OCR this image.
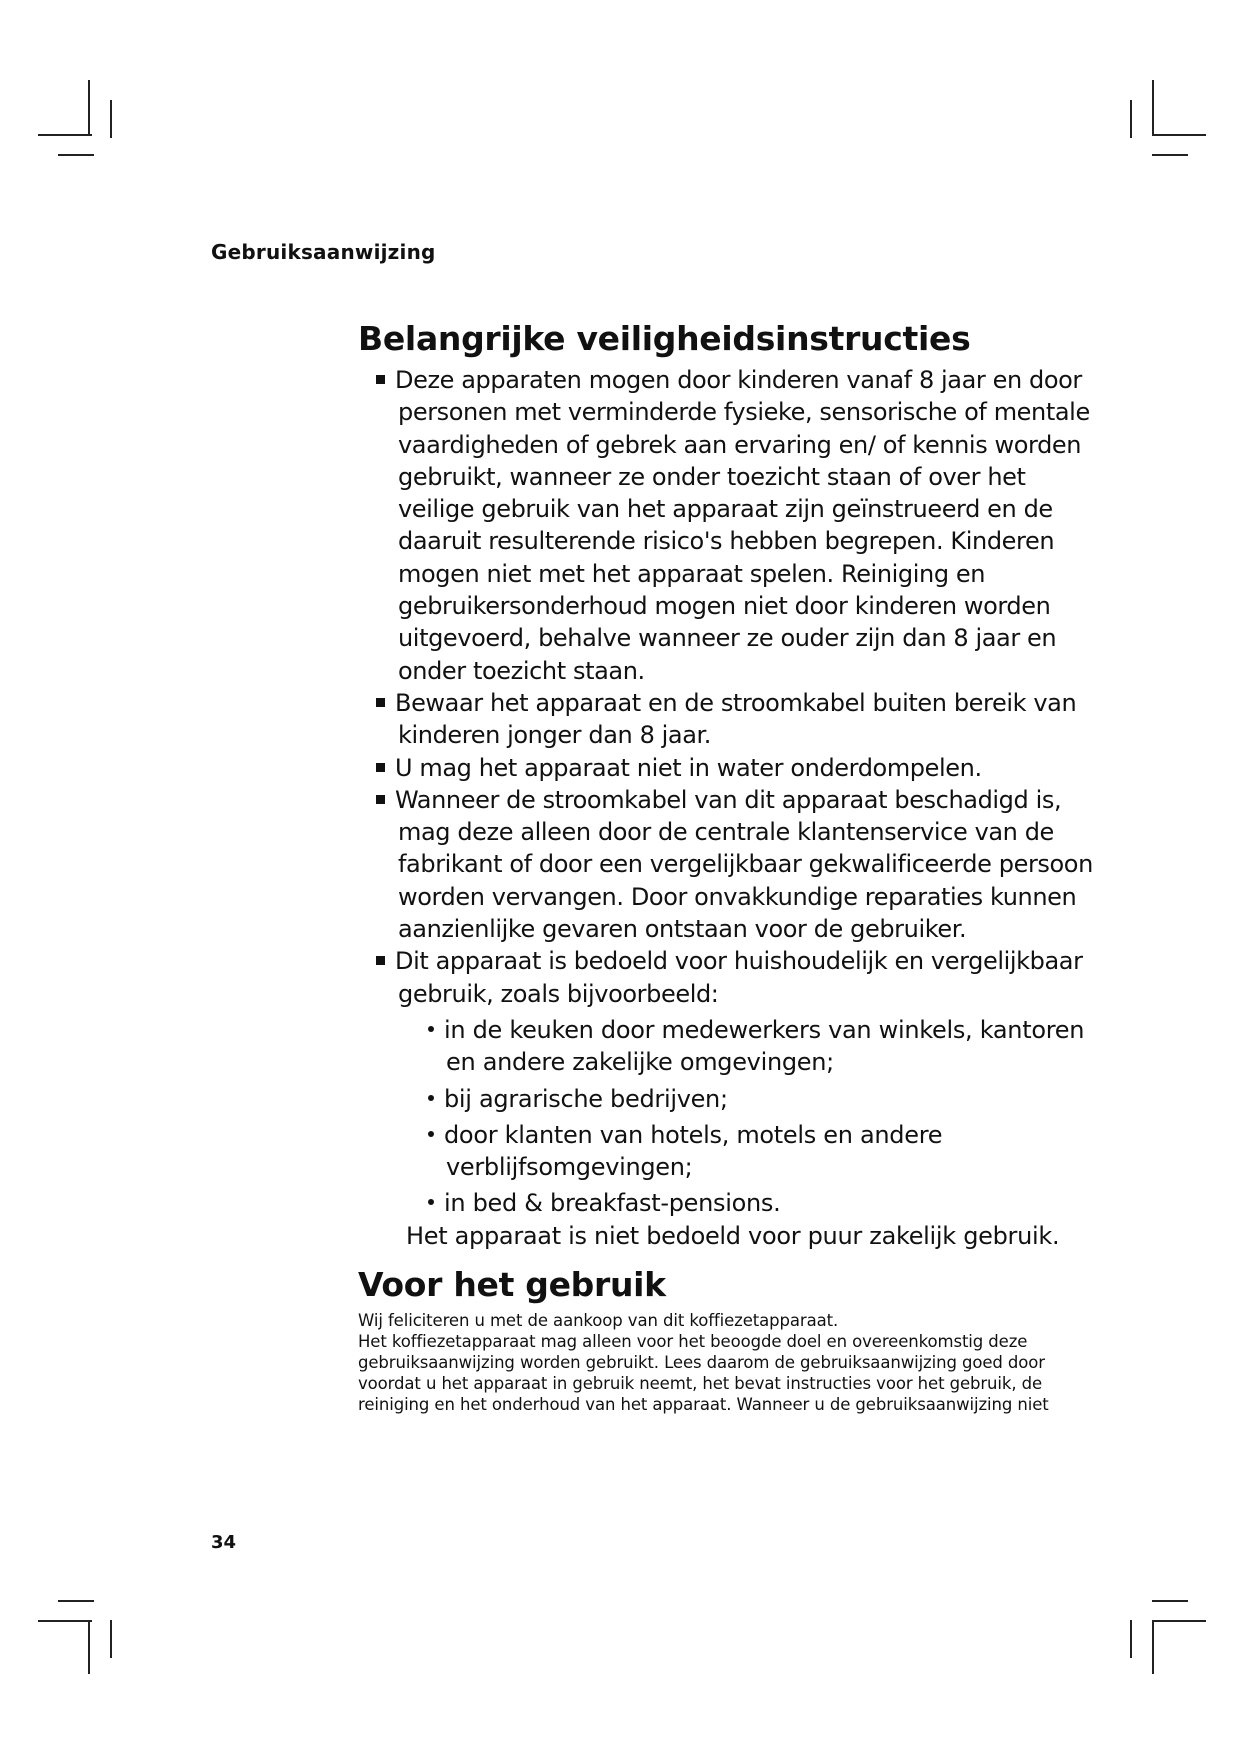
Gebruiksaanwijzing
Belangrijke veiligheidsinstructies
Deze apparaten mogen door kinderen vanaf 8 jaar en door personen met verminderde fysieke, sensorische of mentale vaardigheden of gebrek aan ervaring en/ of kennis worden gebruikt, wanneer ze onder toezicht staan of over het veilige gebruik van het apparaat zijn geïnstrueerd en de daaruit resulterende risico's hebben begrepen. Kinderen mogen niet met het apparaat spelen. Reiniging en gebruikersonderhoud mogen niet door kinderen worden uitgevoerd, behalve wanneer ze ouder zijn dan 8 jaar en onder toezicht staan.
Bewaar het apparaat en de stroomkabel buiten bereik van kinderen jonger dan 8 jaar.
U mag het apparaat niet in water onderdompelen.
Wanneer de stroomkabel van dit apparaat beschadigd is, mag deze alleen door de centrale klantenservice van de fabrikant of door een vergelijkbaar gekwalificeerde persoon worden vervangen. Door onvakkundige reparaties kunnen aanzienlijke gevaren ontstaan voor de gebruiker.
Dit apparaat is bedoeld voor huishoudelijk en vergelijkbaar gebruik, zoals bijvoorbeeld:
in de keuken door medewerkers van winkels, kantoren en andere zakelijke omgevingen;
bij agrarische bedrijven;
door klanten van hotels, motels en andere verblijfsomgevingen;
in bed & breakfast-pensions.
Het apparaat is niet bedoeld voor puur zakelijk gebruik.
Voor het gebruik

Wij feliciteren u met de aankoop van dit koffiezetapparaat.

Het koffiezetapparaat mag alleen voor het beoogde doel en overeenkomstig deze gebruiksaanwijzing worden gebruikt. Lees daarom de gebruiksaanwijzing goed door voordat u het apparaat in gebruik neemt, het bevat instructies voor het gebruik, de reiniging en het onderhoud van het apparaat. Wanneer u de gebruiksaanwijzing niet

34
